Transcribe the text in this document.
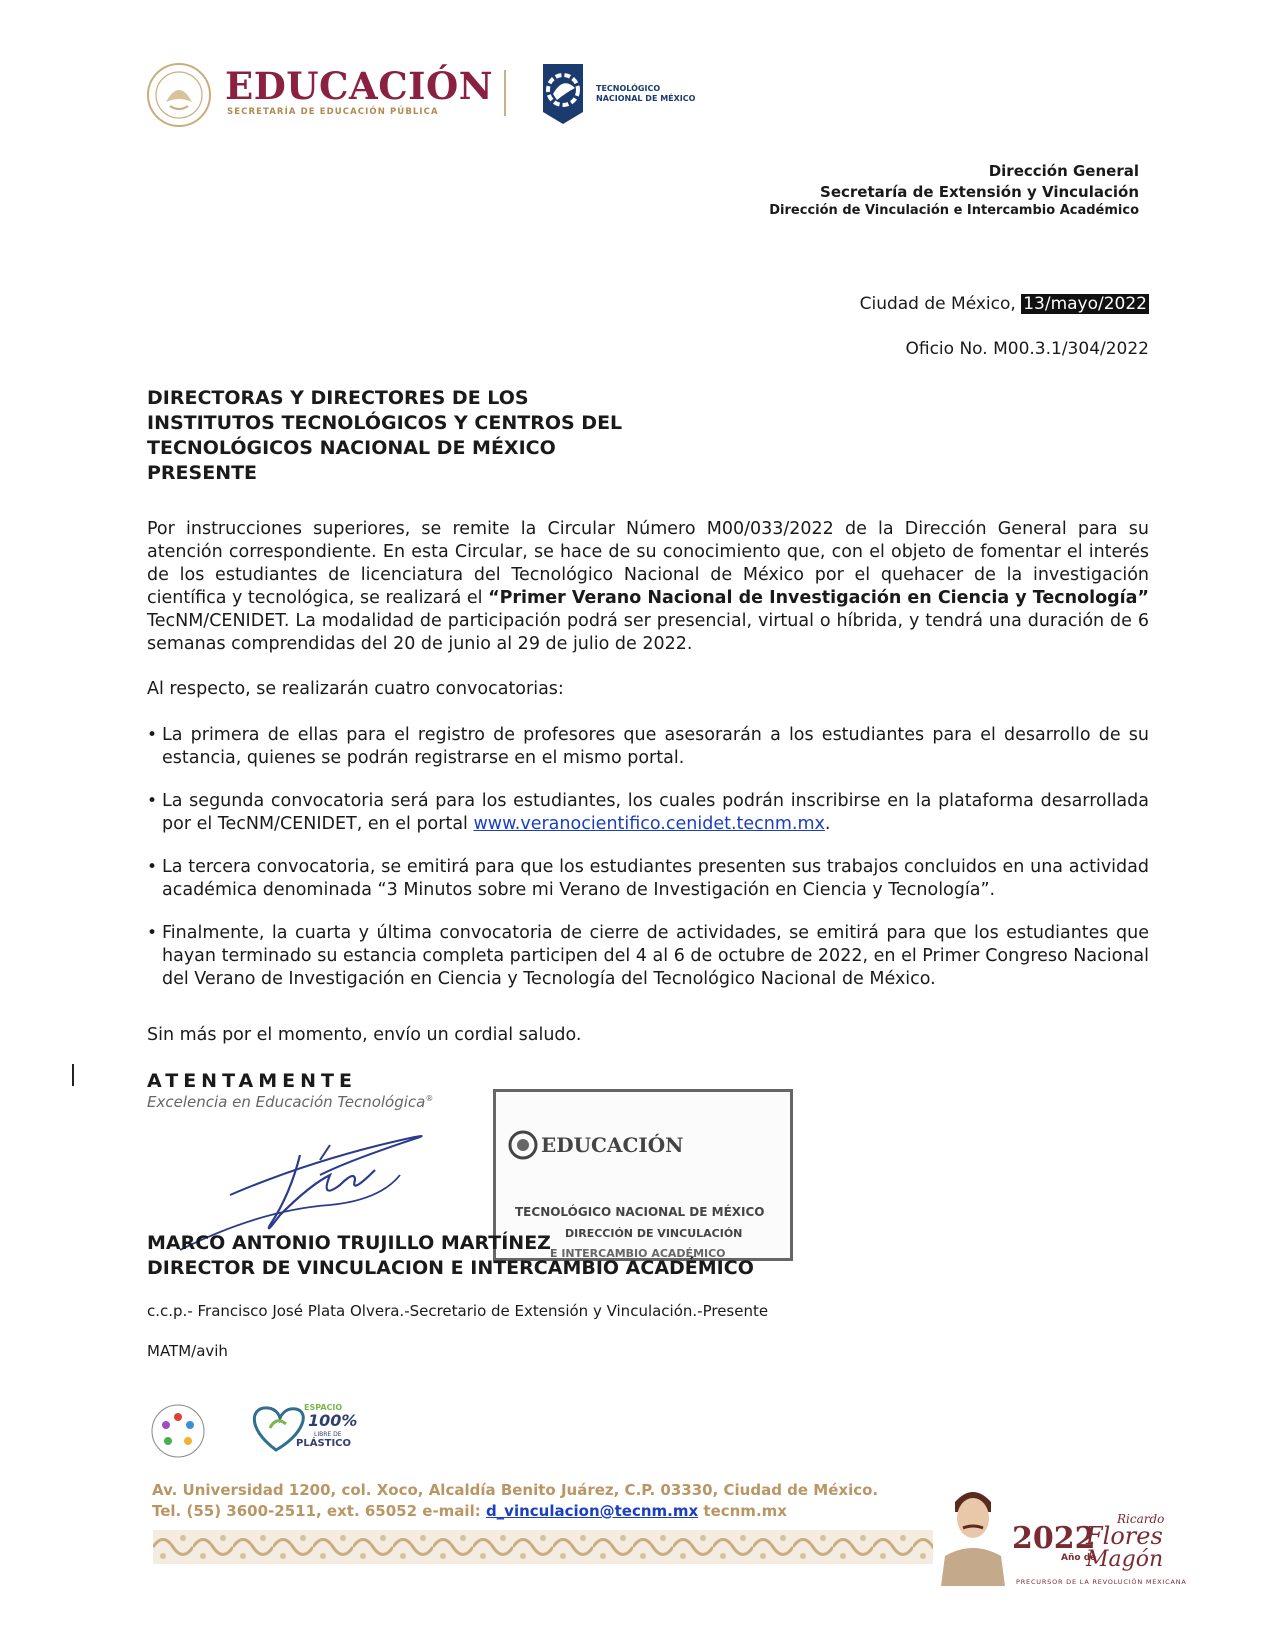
EDUCACIÓN
SECRETARÍA DE EDUCACIÓN PÚBLICA
TECNOLÓGICO
NACIONAL DE MÉXICO
Dirección General
Secretaría de Extensión y Vinculación
Dirección de Vinculación e Intercambio Académico
Ciudad de México, 13/mayo/2022
Oficio No. M00.3.1/304/2022
DIRECTORAS Y DIRECTORES DE LOS
INSTITUTOS TECNOLÓGICOS Y CENTROS DEL
TECNOLÓGICOS NACIONAL DE MÉXICO
PRESENTE
Por instrucciones superiores, se remite la Circular Número M00/033/2022 de la Dirección General para su atención correspondiente. En esta Circular, se hace de su conocimiento que, con el objeto de fomentar el interés de los estudiantes de licenciatura del Tecnológico Nacional de México por el quehacer de la investigación científica y tecnológica, se realizará el “Primer Verano Nacional de Investigación en Ciencia y Tecnología” TecNM/CENIDET. La modalidad de participación podrá ser presencial, virtual o híbrida, y tendrá una duración de 6 semanas comprendidas del 20 de junio al 29 de julio de 2022.
Al respecto, se realizarán cuatro convocatorias:
• La primera de ellas para el registro de profesores que asesorarán a los estudiantes para el desarrollo de su estancia, quienes se podrán registrarse en el mismo portal.
• La segunda convocatoria será para los estudiantes, los cuales podrán inscribirse en la plataforma desarrollada por el TecNM/CENIDET, en el portal www.veranocientifico.cenidet.tecnm.mx.
• La tercera convocatoria, se emitirá para que los estudiantes presenten sus trabajos concluidos en una actividad académica denominada “3 Minutos sobre mi Verano de Investigación en Ciencia y Tecnología”.
• Finalmente, la cuarta y última convocatoria de cierre de actividades, se emitirá para que los estudiantes que hayan terminado su estancia completa participen del 4 al 6 de octubre de 2022, en el Primer Congreso Nacional del Verano de Investigación en Ciencia y Tecnología del Tecnológico Nacional de México.
Sin más por el momento, envío un cordial saludo.
ATENTAMENTE
Excelencia en Educación Tecnológica®
EDUCACIÓN
TECNOLÓGICO NACIONAL DE MÉXICO
DIRECCIÓN DE VINCULACIÓN
E INTERCAMBIO ACADÉMICO
MARCO ANTONIO TRUJILLO MARTÍNEZ
DIRECTOR DE VINCULACION E INTERCAMBIO ACADÉMICO
c.c.p.- Francisco José Plata Olvera.-Secretario de Extensión y Vinculación.-Presente
MATM/avih
ESPACIO
100%
LIBRE DE
PLÁSTICO
Av. Universidad 1200, col. Xoco, Alcaldía Benito Juárez, C.P. 03330, Ciudad de México.
Tel. (55) 3600-2511, ext. 65052 e-mail: d_vinculacion@tecnm.mx tecnm.mx
2022
Año de
Ricardo
Flores
Magón
PRECURSOR DE LA REVOLUCIÓN MEXICANA
